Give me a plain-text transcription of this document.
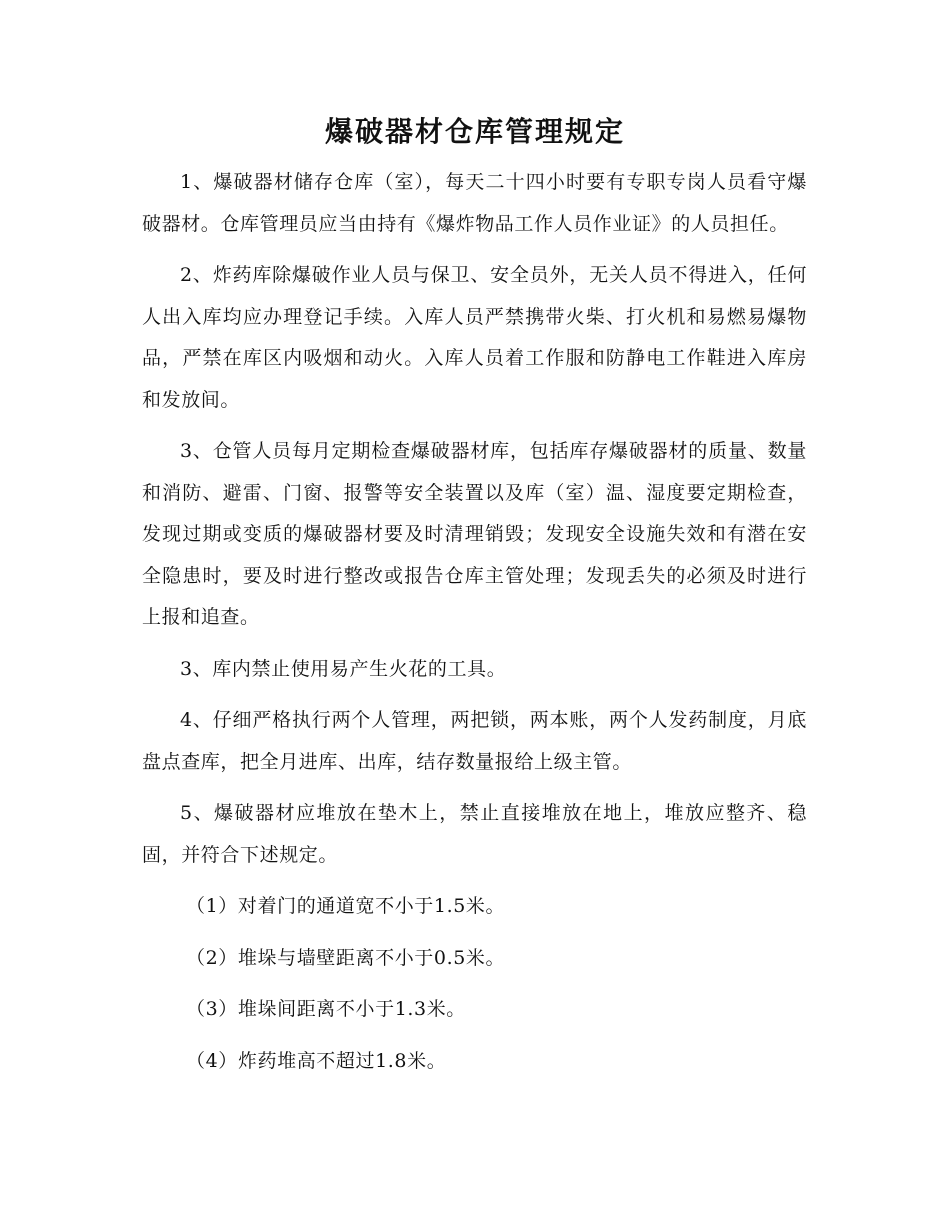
爆破器材仓库管理规定

1、爆破器材储存仓库（室），每天二十四小时要有专职专岗人员看守爆破器材。仓库管理员应当由持有《爆炸物品工作人员作业证》的人员担任。

2、炸药库除爆破作业人员与保卫、安全员外，无关人员不得进入，任何人出入库均应办理登记手续。入库人员严禁携带火柴、打火机和易燃易爆物品，严禁在库区内吸烟和动火。入库人员着工作服和防静电工作鞋进入库房和发放间。

3、仓管人员每月定期检查爆破器材库，包括库存爆破器材的质量、数量和消防、避雷、门窗、报警等安全装置以及库（室）温、湿度要定期检查，发现过期或变质的爆破器材要及时清理销毁；发现安全设施失效和有潜在安全隐患时，要及时进行整改或报告仓库主管处理；发现丢失的必须及时进行上报和追查。

3、库内禁止使用易产生火花的工具。

4、仔细严格执行两个人管理，两把锁，两本账，两个人发药制度，月底盘点查库，把全月进库、出库，结存数量报给上级主管。

5、爆破器材应堆放在垫木上，禁止直接堆放在地上，堆放应整齐、稳固，并符合下述规定。

（1）对着门的通道宽不小于1.5米。

（2）堆垛与墙壁距离不小于0.5米。

（3）堆垛间距离不小于1.3米。

（4）炸药堆高不超过1.8米。
